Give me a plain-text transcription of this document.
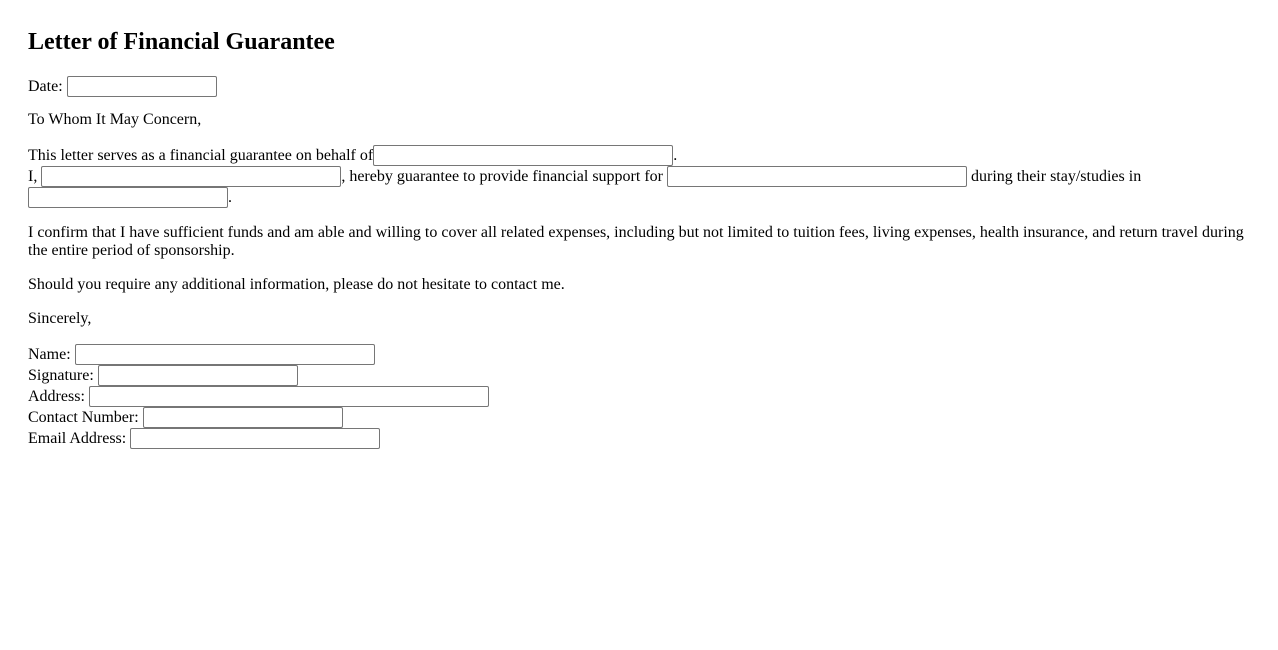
Letter of Financial Guarantee
Date:

To Whom It May Concern,

This letter serves as a financial guarantee on behalf of	.
I,	, hereby guarantee to provide financial support for	during their stay/studies in
.

I confirm that I have sufficient funds and am able and willing to cover all related expenses, including but not limited to tuition fees, living expenses, health insurance, and return travel during the entire period of sponsorship.

Should you require any additional information, please do not hesitate to contact me.

Sincerely,

Name:
Signature:
Address:
Contact Number:
Email Address:
